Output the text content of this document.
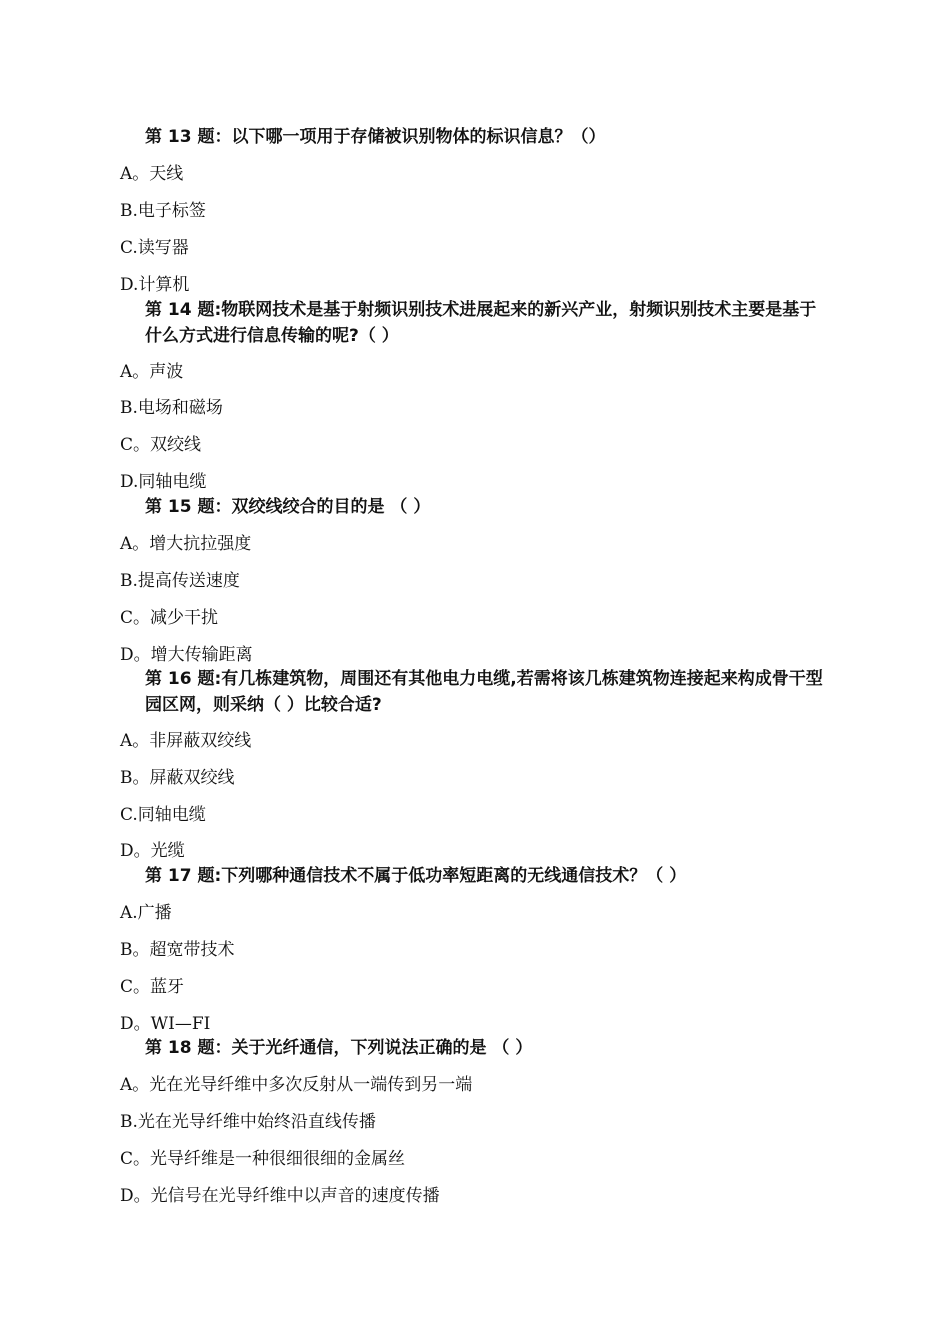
第 13 题：以下哪一项用于存储被识别物体的标识信息？（）
A。天线
B.电子标签
C.读写器
D.计算机
第 14 题:物联网技术是基于射频识别技术进展起来的新兴产业，射频识别技术主要是基于什么方式进行信息传输的呢?（ ）
A。声波
B.电场和磁场
C。双绞线
D.同轴电缆
第 15 题：双绞线绞合的目的是 （ ）
A。增大抗拉强度
B.提高传送速度
C。减少干扰
D。增大传输距离
第 16 题:有几栋建筑物，周围还有其他电力电缆,若需将该几栋建筑物连接起来构成骨干型园区网，则采纳（ ）比较合适?
A。非屏蔽双绞线
B。屏蔽双绞线
C.同轴电缆
D。光缆
第 17 题:下列哪种通信技术不属于低功率短距离的无线通信技术？（ ）
A.广播
B。超宽带技术
C。蓝牙
D。WI—FI
第 18 题：关于光纤通信，下列说法正确的是 （ ）
A。光在光导纤维中多次反射从一端传到另一端
B.光在光导纤维中始终沿直线传播
C。光导纤维是一种很细很细的金属丝
D。光信号在光导纤维中以声音的速度传播
